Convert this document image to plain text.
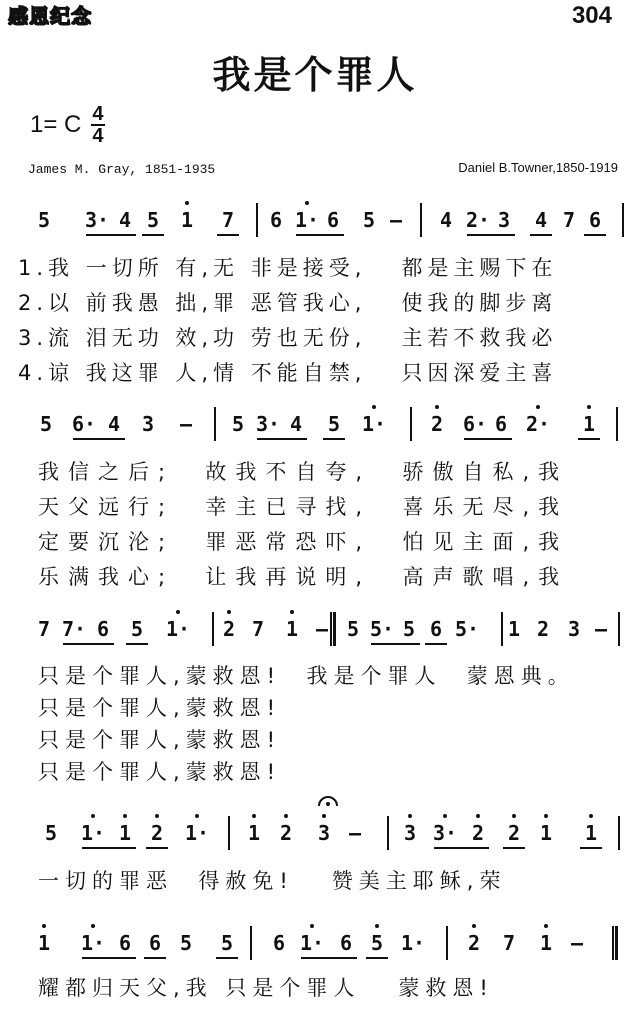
感恩纪念	304
我是个罪人
1= C $\frac{4}{4}$
James M. Gray, 1851-1935	Daniel B.Towner,1850-1919
5 3· 4 5 1 7 6 1· 6 5 — 4 2· 3 4 7 6
1.我 一切所 有,无 非是接受,   都是主赐下在
2.以 前我愚 拙,罪 恶管我心,   使我的脚步离
3.流 泪无功 效,功 劳也无份,   主若不救我必
4.谅 我这罪 人,情 不能自禁,   只因深爱主喜
5 6· 4 3 — 5 3· 4 5 1· 2 6· 6 2· 1
我信之后;  故我不自夸,  骄傲自私,我
天父远行;  幸主已寻找,  喜乐无尽,我
定要沉沦;  罪恶常恐吓,  怕见主面,我
乐满我心;  让我再说明,  高声歌唱,我
7 7· 6 5 1· 2 7 1 — 5 5· 5 6 5· 1 2 3 —
只是个罪人,蒙救恩!  我是个罪人  蒙恩典。
只是个罪人,蒙救恩!
只是个罪人,蒙救恩!
只是个罪人,蒙救恩!
5 1· 1 2 1· 1 2 3 — 3 3· 2 2 1 1
一切的罪恶  得赦免!   赞美主耶稣,荣
1 1· 6 6 5 5 6 1· 6 5 1· 2 7 1 —
耀都归天父,我 只是个罪人   蒙救恩!
